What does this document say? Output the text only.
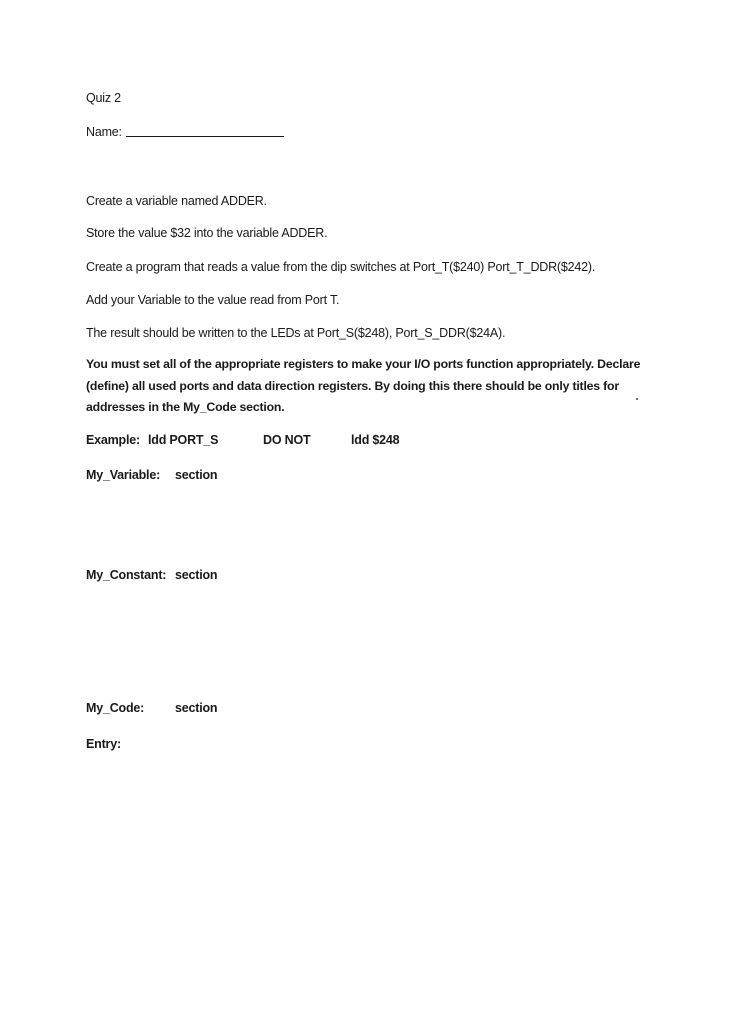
Quiz 2
Name:
Create a variable named ADDER.
Store the value $32 into the variable ADDER.
Create a program that reads a value from the dip switches at Port_T($240) Port_T_DDR($242).
Add your Variable to the value read from Port T.
The result should be written to the LEDs at Port_S($248), Port_S_DDR($24A).
You must set all of the appropriate registers to make your I/O ports function appropriately. Declare
(define) all used ports and data direction registers. By doing this there should be only titles for
addresses in the My_Code section.
Example: ldd PORT_S	DO NOT	ldd $248
My_Variable: section
My_Constant: section
My_Code: section
Entry:
